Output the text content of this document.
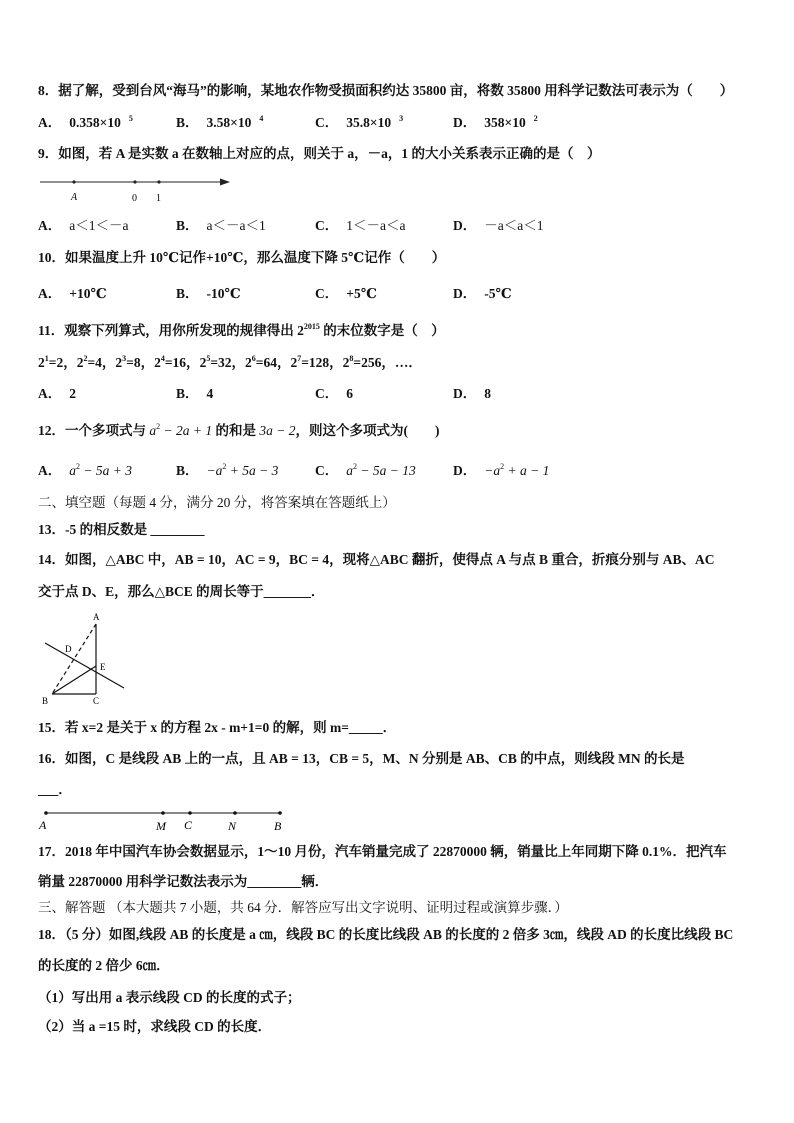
8．据了解，受到台风“海马”的影响，某地农作物受损面积约达 35800 亩，将数 35800 用科学记数法可表示为（　　）
A． 0.358×10 $^5$	B． 3.58×10 $^4$	C． 35.8×10 $^3$	D． 358×10 $^2$
9．如图，若 A 是实数 a 在数轴上对应的点，则关于 a，－a，1 的大小关系表示正确的是（　）
A	0 1
A． a＜1＜－a	B． a＜－a＜1	C． 1＜－a＜a	D． －a＜a＜1
10．如果温度上升 10℃记作+10℃，那么温度下降 5℃记作（　　）
A． +10℃	B． -10℃	C． +5℃	D． -5℃
11．观察下列算式，用你所发现的规律得出 $2^{2015}$ 的末位数字是（　）
$2^1=2$，$2^2=4$，$2^3=8$，$2^4=16$，$2^5=32$，$2^6=64$，$2^7=128$，$2^8=256$，…．
A． 2	B． 4	C． 6	D． 8
12．一个多项式与 $a^2 - 2a + 1$ 的和是 3a − 2，则这个多项式为(　　)
A． $a^2 - 5a + 3$	B． $-a^2 + 5a - 3$	C． $a^2 - 5a - 13$	D． $-a^2 + a - 1$
二、填空题（每题 4 分，满分 20 分，将答案填在答题纸上）
13．-5 的相反数是 ________
14．如图，△ABC 中，AB = 10，AC = 9，BC = 4，现将△ABC 翻折，使得点 A 与点 B 重合，折痕分别与 AB、AC
交于点 D、E，那么△BCE 的周长等于_______．
A
D
E
B	C
15．若 x=2 是关于 x 的方程 2x - m+1=0 的解，则 m=_____．
16．如图，C 是线段 AB 上的一点，且 AB = 13，CB = 5，M、N 分别是 AB、CB 的中点，则线段 MN 的长是
___．
A	M C	N	B
17．2018 年中国汽车协会数据显示，1～10 月份，汽车销量完成了 22870000 辆，销量比上年同期下降 0.1%．把汽车
销量 22870000 用科学记数法表示为________辆．
三、解答题 （本大题共 7 小题，共 64 分．解答应写出文字说明、证明过程或演算步骤．）
18．（5 分）如图,线段 AB 的长度是 a ㎝，线段 BC 的长度比线段 AB 的长度的 2 倍多 3㎝，线段 AD 的长度比线段 BC
的长度的 2 倍少 6㎝．
（1）写出用 a 表示线段 CD 的长度的式子；
（2）当 a =15 时，求线段 CD 的长度．
